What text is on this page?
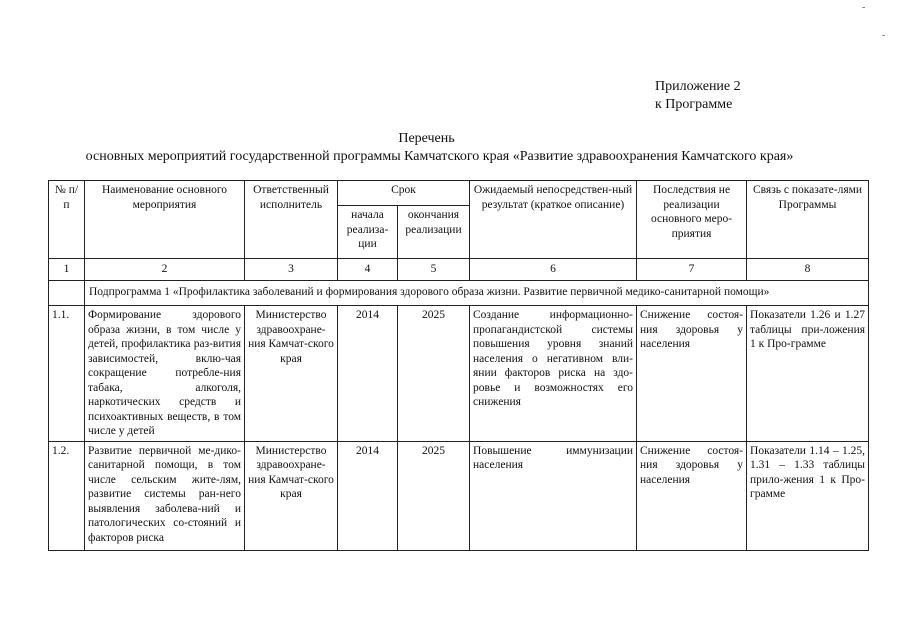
-
-
Приложение 2
к Программе
Перечень
основных мероприятий государственной программы Камчатского края «Развитие здравоохранения Камчатского края»
№ п/п	Наименование основного мероприятия	Ответственный исполнитель	Срок		Ожидаемый непосредствен-ный результат (краткое описание)	Последствия не реализации основного меро-приятия	Связь с показате-лями Программы
			начала реализа-ции	окончания реализации			
1	2	3	4	5	6	7	8
	Подпрограмма 1 «Профилактика заболеваний и формирования здорового образа жизни. Развитие первичной медико-санитарной помощи»						
1.1.	Формирование здорового образа жизни, в том числе у детей, профилактика раз-вития зависимостей, вклю-чая сокращение потребле-ния табака, алкоголя, наркотических средств и психоактивных веществ, в том числе у детей	Министерство здравоохране-ния Камчат-ского края	2014	2025	Создание информационно-пропагандистской системы повышения уровня знаний населения о негативном вли-янии факторов риска на здо-ровье и возможностях его снижения	Снижение состоя-ния здоровья у населения	Показатели 1.26 и 1.27 таблицы при-ложения 1 к Про-грамме
1.2.	Развитие первичной ме-дико-санитарной помощи, в том числе сельским жите-лям, развитие системы ран-него выявления заболева-ний и патологических со-стояний и факторов риска	Министерство здравоохране-ния Камчат-ского края	2014	2025	Повышение иммунизации населения	Снижение состоя-ния здоровья у населения	Показатели 1.14 – 1.25, 1.31 – 1.33 таблицы прило-жения 1 к Про-грамме
